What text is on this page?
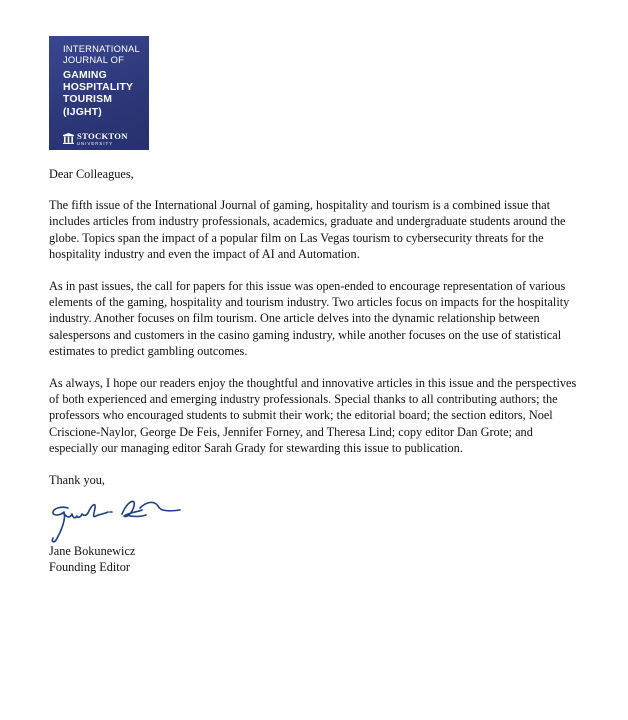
INTERNATIONAL
JOURNAL OF
GAMING
HOSPITALITY
TOURISM
(IJGHT)
STOCKTON
UNIVERSITY

Dear Colleagues,

The fifth issue of the International Journal of gaming, hospitality and tourism is a combined issue that includes articles from industry professionals, academics, graduate and undergraduate students around the globe. Topics span the impact of a popular film on Las Vegas tourism to cybersecurity threats for the hospitality industry and even the impact of AI and Automation.

As in past issues, the call for papers for this issue was open-ended to encourage representation of various elements of the gaming, hospitality and tourism industry. Two articles focus on impacts for the hospitality industry. Another focuses on film tourism. One article delves into the dynamic relationship between salespersons and customers in the casino gaming industry, while another focuses on the use of statistical estimates to predict gambling outcomes.

As always, I hope our readers enjoy the thoughtful and innovative articles in this issue and the perspectives of both experienced and emerging industry professionals. Special thanks to all contributing authors; the professors who encouraged students to submit their work; the editorial board; the section editors, Noel Criscione-Naylor, George De Feis, Jennifer Forney, and Theresa Lind; copy editor Dan Grote; and especially our managing editor Sarah Grady for stewarding this issue to publication.

Thank you,

Jane Bokunewicz
Founding Editor
